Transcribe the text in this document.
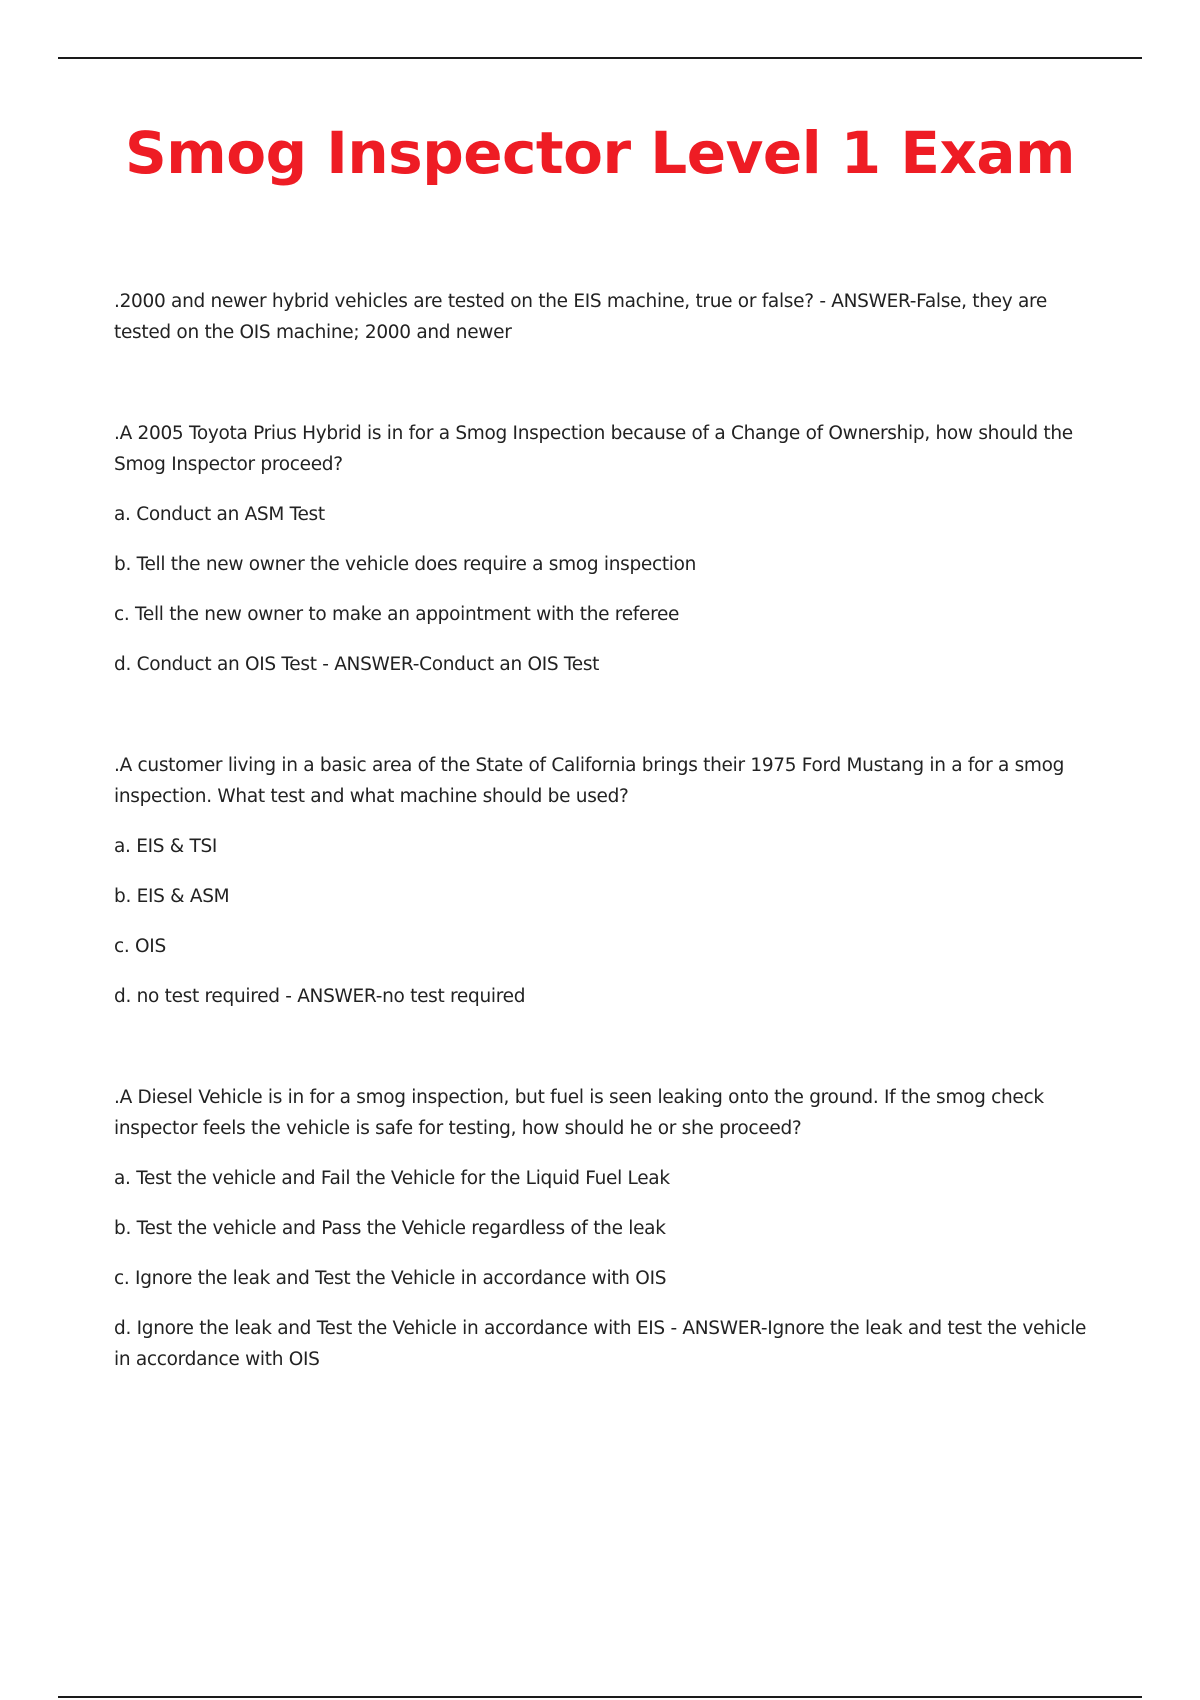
Smog Inspector Level 1 Exam

.2000 and newer hybrid vehicles are tested on the EIS machine, true or false? - ANSWER-False, they are tested on the OIS machine; 2000 and newer

.A 2005 Toyota Prius Hybrid is in for a Smog Inspection because of a Change of Ownership, how should the Smog Inspector proceed?

a. Conduct an ASM Test

b. Tell the new owner the vehicle does require a smog inspection

c. Tell the new owner to make an appointment with the referee

d. Conduct an OIS Test - ANSWER-Conduct an OIS Test

.A customer living in a basic area of the State of California brings their 1975 Ford Mustang in a for a smog inspection. What test and what machine should be used?

a. EIS & TSI

b. EIS & ASM

c. OIS

d. no test required - ANSWER-no test required

.A Diesel Vehicle is in for a smog inspection, but fuel is seen leaking onto the ground. If the smog check inspector feels the vehicle is safe for testing, how should he or she proceed?

a. Test the vehicle and Fail the Vehicle for the Liquid Fuel Leak

b. Test the vehicle and Pass the Vehicle regardless of the leak

c. Ignore the leak and Test the Vehicle in accordance with OIS

d. Ignore the leak and Test the Vehicle in accordance with EIS - ANSWER-Ignore the leak and test the vehicle in accordance with OIS
